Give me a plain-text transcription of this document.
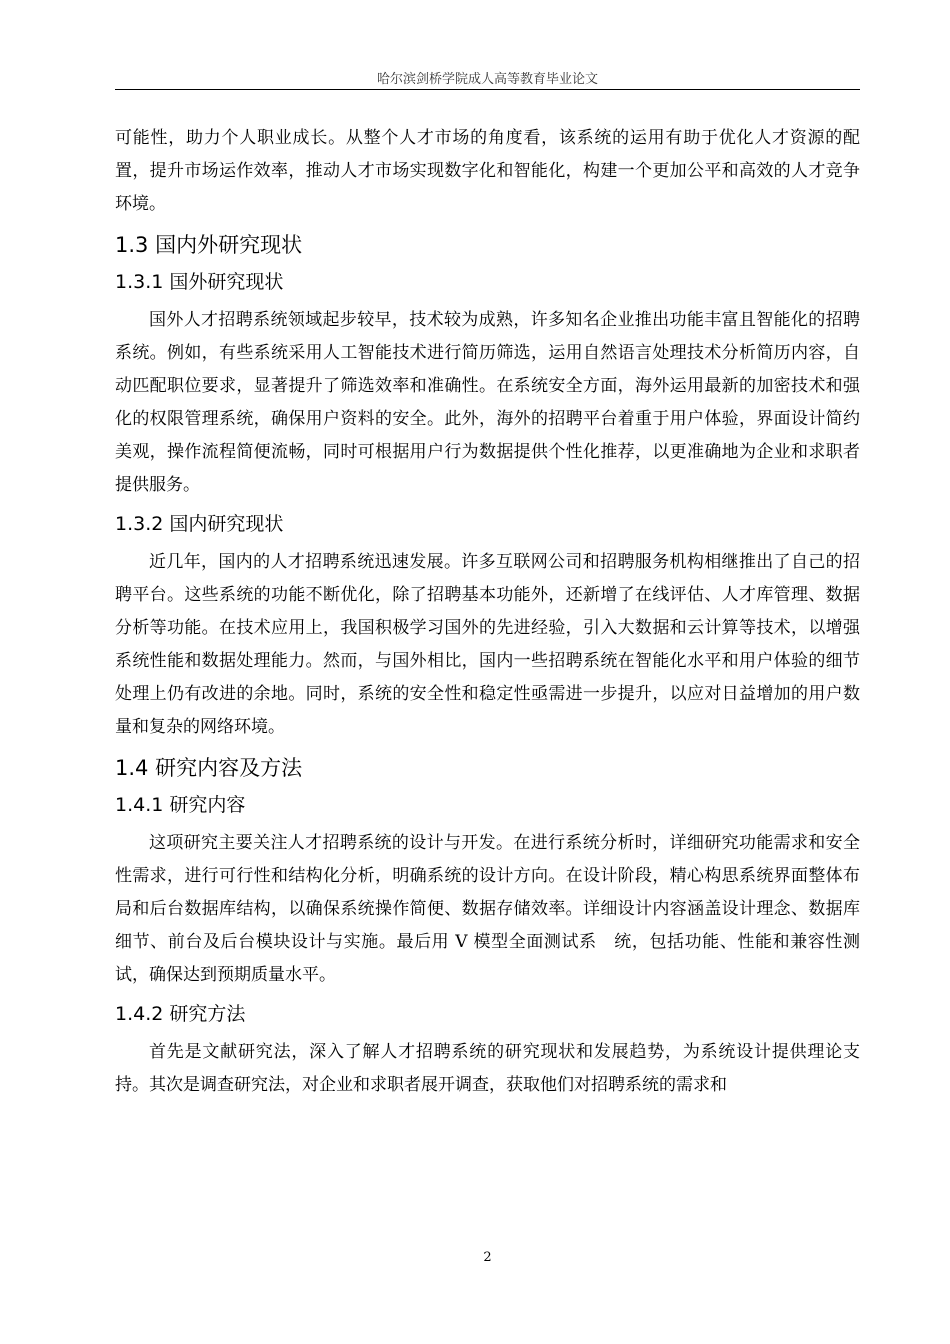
哈尔滨剑桥学院成人高等教育毕业论文

可能性，助力个人职业成长。从整个人才市场的角度看，该系统的运用有助于优化人才资源的配置，提升市场运作效率，推动人才市场实现数字化和智能化，构建一个更加公平和高效的人才竞争环境。

1.3 国内外研究现状
1.3.1 国外研究现状

国外人才招聘系统领域起步较早，技术较为成熟，许多知名企业推出功能丰富且智能化的招聘系统。例如，有些系统采用人工智能技术进行简历筛选，运用自然语言处理技术分析简历内容，自动匹配职位要求，显著提升了筛选效率和准确性。在系统安全方面，海外运用最新的加密技术和强化的权限管理系统，确保用户资料的安全。此外，海外的招聘平台着重于用户体验，界面设计简约美观，操作流程简便流畅，同时可根据用户行为数据提供个性化推荐，以更准确地为企业和求职者提供服务。

1.3.2 国内研究现状

近几年，国内的人才招聘系统迅速发展。许多互联网公司和招聘服务机构相继推出了自己的招聘平台。这些系统的功能不断优化，除了招聘基本功能外，还新增了在线评估、人才库管理、数据分析等功能。在技术应用上，我国积极学习国外的先进经验，引入大数据和云计算等技术，以增强系统性能和数据处理能力。然而，与国外相比，国内一些招聘系统在智能化水平和用户体验的细节处理上仍有改进的余地。同时，系统的安全性和稳定性亟需进一步提升，以应对日益增加的用户数量和复杂的网络环境。

1.4 研究内容及方法
1.4.1 研究内容

这项研究主要关注人才招聘系统的设计与开发。在进行系统分析时，详细研究功能需求和安全性需求，进行可行性和结构化分析，明确系统的设计方向。在设计阶段，精心构思系统界面整体布局和后台数据库结构，以确保系统操作简便、数据存储效率。详细设计内容涵盖设计理念、数据库细节、前台及后台模块设计与实施。最后用 V 模型全面测试系　统，包括功能、性能和兼容性测试，确保达到预期质量水平。

1.4.2 研究方法

首先是文献研究法，深入了解人才招聘系统的研究现状和发展趋势，为系统设计提供理论支持。其次是调查研究法，对企业和求职者展开调查，获取他们对招聘系统的需求和

2
